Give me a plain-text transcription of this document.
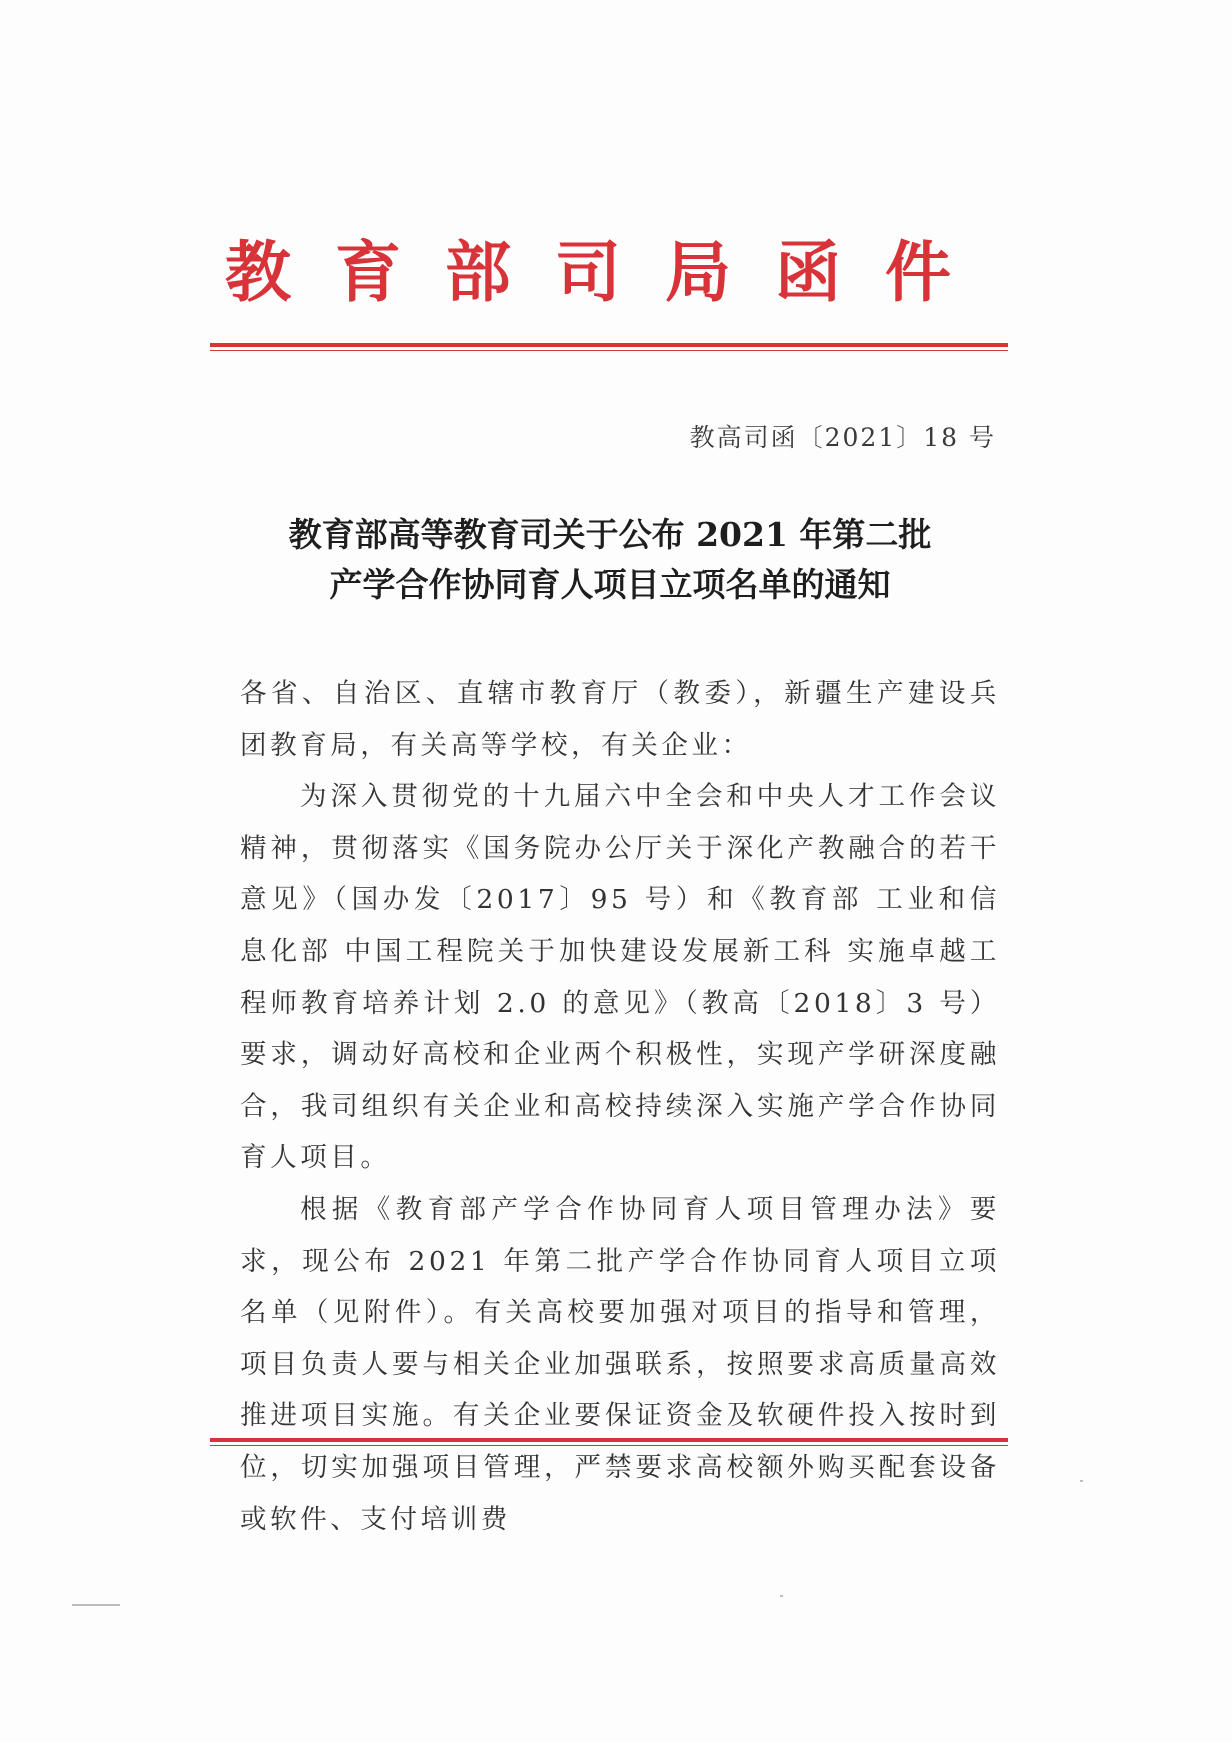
教育部司局函件
教高司函〔2021〕18 号
教育部高等教育司关于公布 2021 年第二批
产学合作协同育人项目立项名单的通知

各省、自治区、直辖市教育厅（教委），新疆生产建设兵团教育局，有关高等学校，有关企业：

为深入贯彻党的十九届六中全会和中央人才工作会议精神，贯彻落实《国务院办公厅关于深化产教融合的若干意见》（国办发〔2017〕95 号）和《教育部 工业和信息化部 中国工程院关于加快建设发展新工科 实施卓越工程师教育培养计划 2.0 的意见》（教高〔2018〕3 号）要求，调动好高校和企业两个积极性，实现产学研深度融合，我司组织有关企业和高校持续深入实施产学合作协同育人项目。

根据《教育部产学合作协同育人项目管理办法》要求，现公布 2021 年第二批产学合作协同育人项目立项名单（见附件）。有关高校要加强对项目的指导和管理，项目负责人要与相关企业加强联系，按照要求高质量高效推进项目实施。有关企业要保证资金及软硬件投入按时到位，切实加强项目管理，严禁要求高校额外购买配套设备或软件、支付培训费
